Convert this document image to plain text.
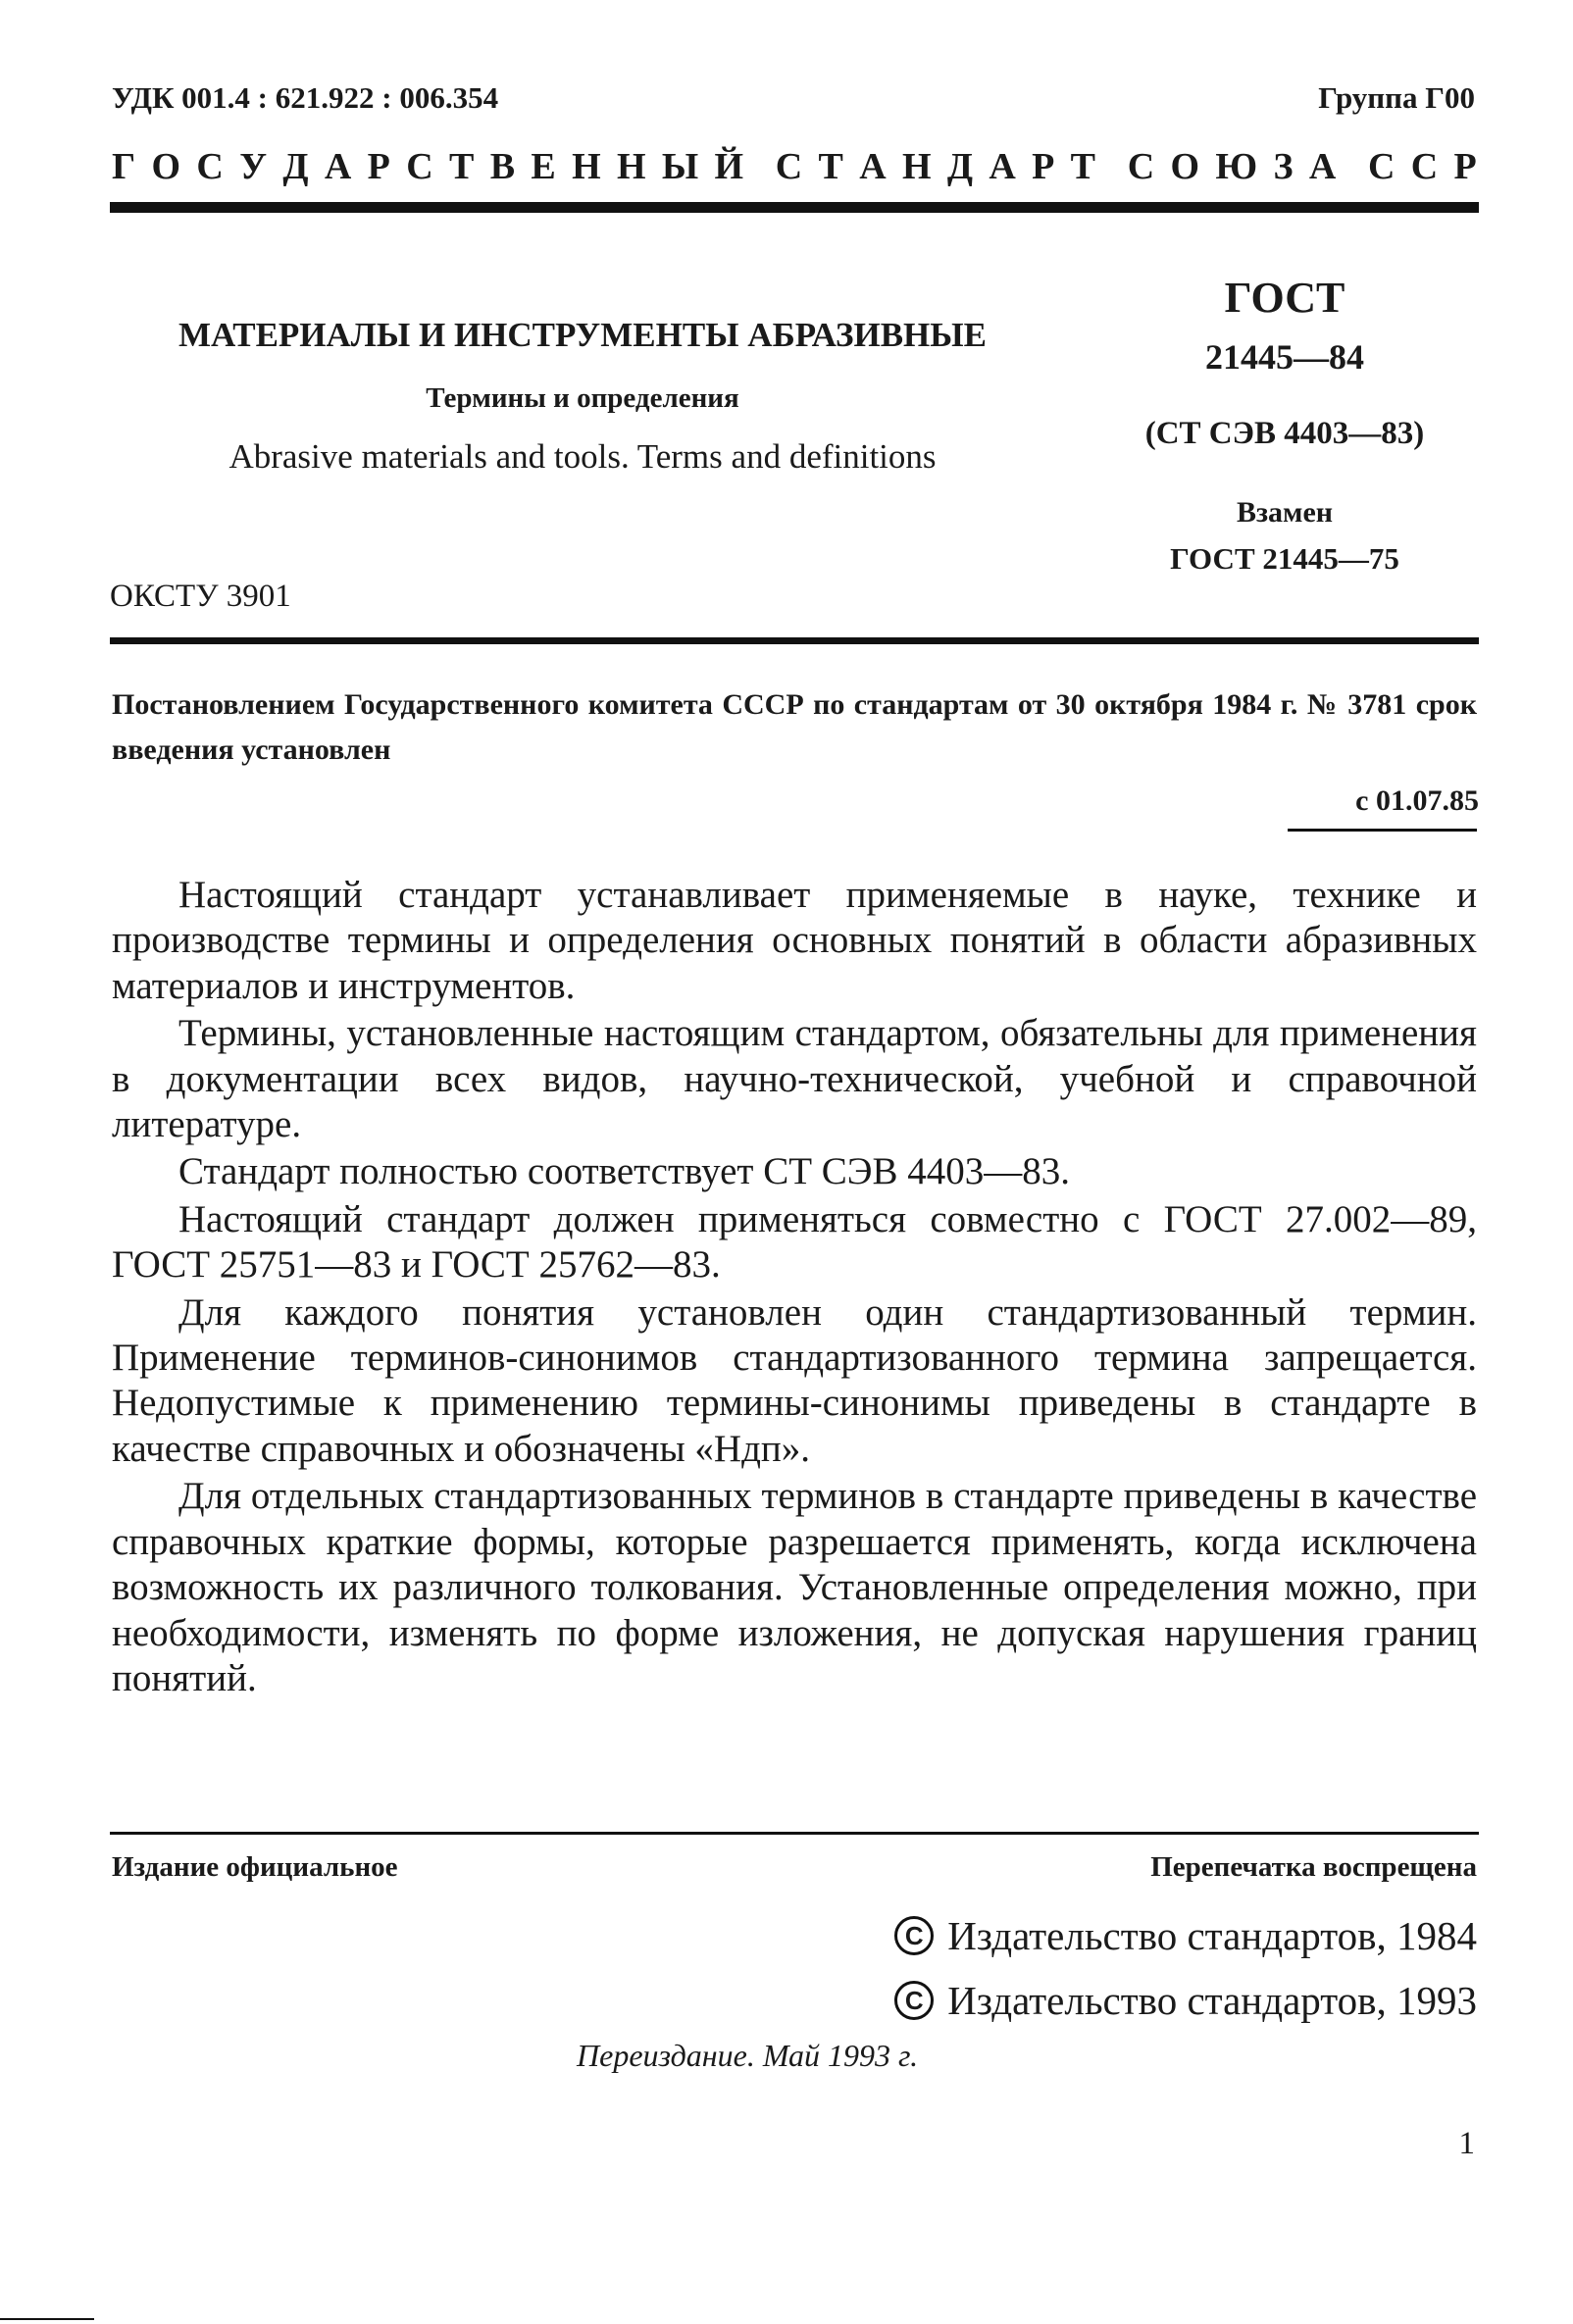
УДК 001.4 : 621.922 : 006.354	Группа Г00
Г О С У Д А Р С Т В Е Н Н Ы Й С Т А Н Д А Р Т С О Ю З А С С Р
МАТЕРИАЛЫ И ИНСТРУМЕНТЫ АБРАЗИВНЫЕ
Термины и определения
Abrasive materials and tools. Terms and definitions
ГОСТ
21445—84
(СТ СЭВ 4403—83)
Взамен
ГОСТ 21445—75
ОКСТУ 3901
Постановлением Государственного комитета СССР по стандартам от 30 октября 1984 г. № 3781 срок введения установлен
с 01.07.85

Настоящий стандарт устанавливает применяемые в науке, технике и производстве термины и определения основных понятий в области абразивных материалов и инструментов.

Термины, установленные настоящим стандартом, обязательны для применения в документации всех видов, научно-технической, учебной и справочной литературе.

Стандарт полностью соответствует СТ СЭВ 4403—83.

Настоящий стандарт должен применяться совместно с ГОСТ 27.002—89, ГОСТ 25751—83 и ГОСТ 25762—83.

Для каждого понятия установлен один стандартизованный термин. Применение терминов-синонимов стандартизованного термина запрещается. Недопустимые к применению термины-синонимы приведены в стандарте в качестве справочных и обозначены «Ндп».

Для отдельных стандартизованных терминов в стандарте приведены в качестве справочных краткие формы, которые разрешается применять, когда исключена возможность их различного толкования. Установленные определения можно, при необходимости, изменять по форме изложения, не допуская нарушения границ понятий.

Издание официальное	Перепечатка воспрещена
C Издательство стандартов, 1984
C Издательство стандартов, 1993
Переиздание. Май 1993 г.
1
